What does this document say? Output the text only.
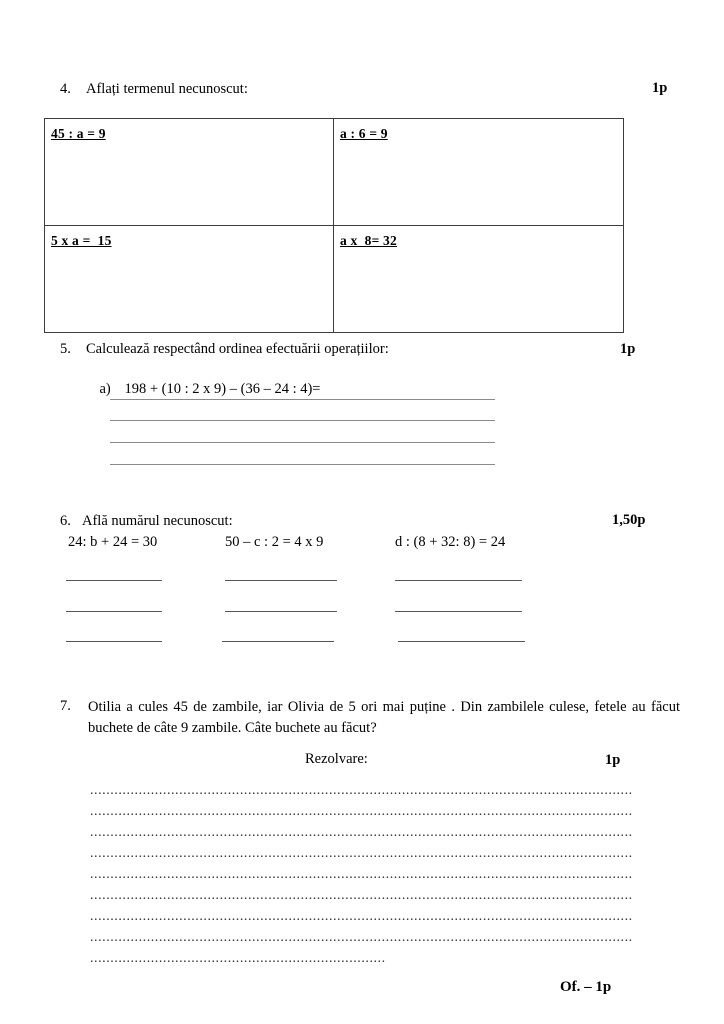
4. Aflați termenul necunoscut:	1p
45 : a = 9	a : 6 = 9
5 x a =  15	a x  8= 32
5. Calculează respectând ordinea efectuării operațiilor:	1p

a) 198 + (10 : 2 x 9) – (36 – 24 : 4)=

6. Află numărul necunoscut:	1,50p
24: b + 24 = 30	50 – c : 2 = 4 x 9	d : (8 + 32: 8) = 24
7.	Otilia a cules 45 de zambile, iar Olivia de 5 ori mai puține . Din zambilele culese, fetele au făcut buchete de câte 9 zambile. Câte buchete au făcut?
Rezolvare:	1p
......................................................................................................................................
......................................................................................................................................
......................................................................................................................................
......................................................................................................................................
......................................................................................................................................
......................................................................................................................................
......................................................................................................................................
......................................................................................................................................
.........................................................................
Of. – 1p
